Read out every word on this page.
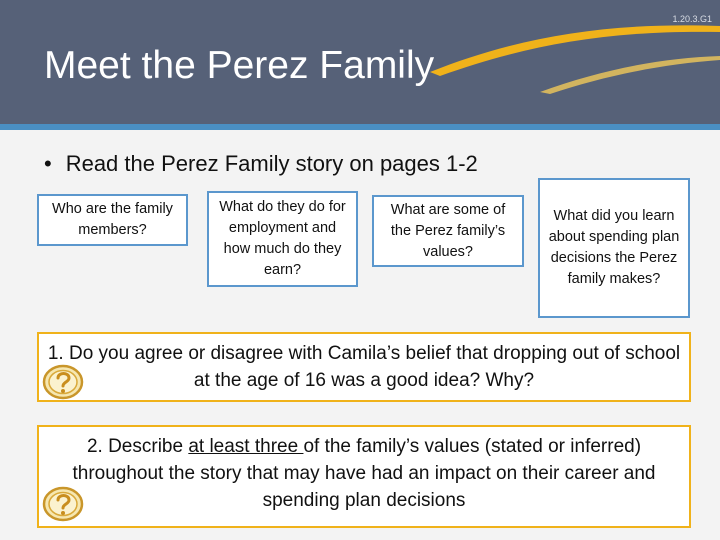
1.20.3.G1
Meet the Perez Family
• Read the Perez Family story on pages 1-2
Who are the family members?
What do they do for employment and how much do they earn?
What are some of the Perez family’s values?
What did you learn about spending plan decisions the Perez family makes?
1. Do you agree or disagree with Camila’s belief that dropping out of school at the age of 16 was a good idea? Why?
2. Describe at least three of the family’s values (stated or inferred) throughout the story that may have had an impact on their career and spending plan decisions
